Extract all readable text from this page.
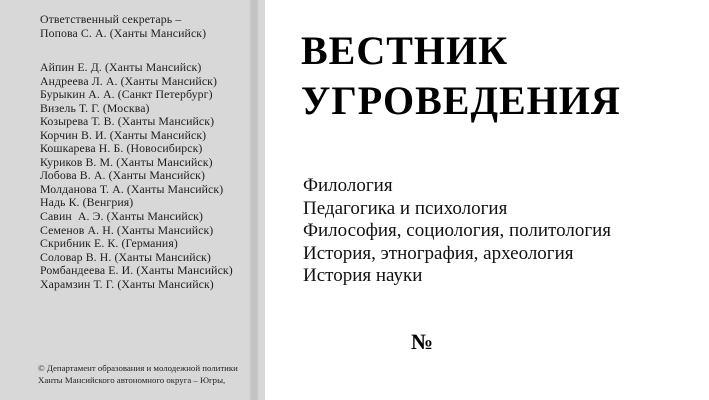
Ответственный секретарь –
Попова С. А. (Ханты Мансийск)
Айпин Е. Д. (Ханты Мансийск)
Андреева Л. А. (Ханты Мансийск)
Бурыкин А. А. (Санкт Петербург)
Визель Т. Г. (Москва)
Козырева Т. В. (Ханты Мансийск)
Корчин В. И. (Ханты Мансийск)
Кошкарева Н. Б. (Новосибирск)
Куриков В. М. (Ханты Мансийск)
Лобова В. А. (Ханты Мансийск)
Молданова Т. А. (Ханты Мансийск)
Надь К. (Венгрия)
Савин  А. Э. (Ханты Мансийск)
Семенов А. Н. (Ханты Мансийск)
Скрибник Е. К. (Германия)
Соловар В. Н. (Ханты Мансийск)
Ромбандеева Е. И. (Ханты Мансийск)
Харамзин Т. Г. (Ханты Мансийск)
© Департамент образования и молодежной политики
Ханты Мансийского автономного округа – Югры,
ВЕСТНИК
УГРОВЕДЕНИЯ
Филология
Педагогика и психология
Философия, социология, политология
История, этнография, археология
История науки
№
